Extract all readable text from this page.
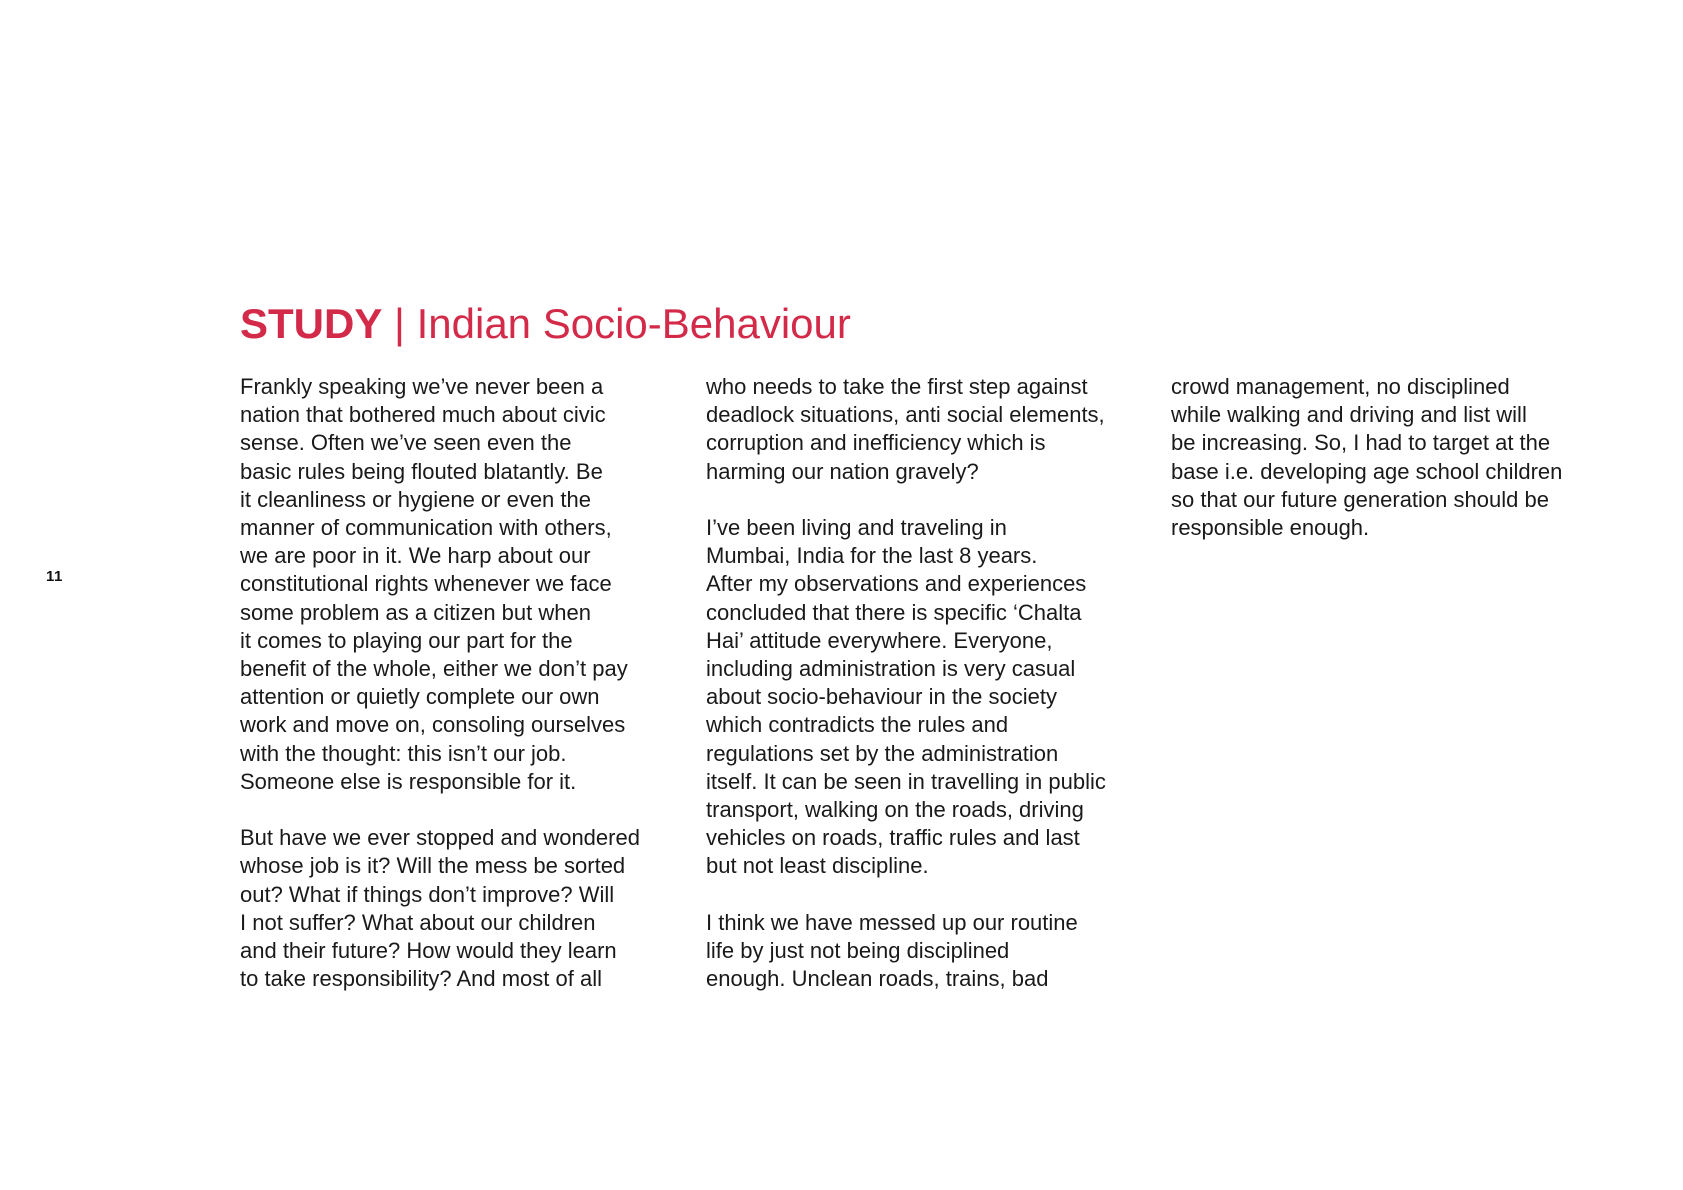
11
STUDY | Indian Socio-Behaviour

Frankly speaking we’ve never been a
nation that bothered much about civic
sense. Often we’ve seen even the
basic rules being flouted blatantly. Be
it cleanliness or hygiene or even the
manner of communication with others,
we are poor in it. We harp about our
constitutional rights whenever we face
some problem as a citizen but when
it comes to playing our part for the
benefit of the whole, either we don’t pay
attention or quietly complete our own
work and move on, consoling ourselves
with the thought: this isn’t our job.
Someone else is responsible for it.

But have we ever stopped and wondered
whose job is it? Will the mess be sorted
out? What if things don’t improve? Will
I not suffer? What about our children
and their future? How would they learn
to take responsibility? And most of all

who needs to take the first step against
deadlock situations, anti social elements,
corruption and inefficiency which is
harming our nation gravely?

I’ve been living and traveling in
Mumbai, India for the last 8 years.
After my observations and experiences
concluded that there is specific ‘Chalta
Hai’ attitude everywhere. Everyone,
including administration is very casual
about socio-behaviour in the society
which contradicts the rules and
regulations set by the administration
itself. It can be seen in travelling in public
transport, walking on the roads, driving
vehicles on roads, traffic rules and last
but not least discipline.

I think we have messed up our routine
life by just not being disciplined
enough. Unclean roads, trains, bad

crowd management, no disciplined
while walking and driving and list will
be increasing. So, I had to target at the
base i.e. developing age school children
so that our future generation should be
responsible enough.
